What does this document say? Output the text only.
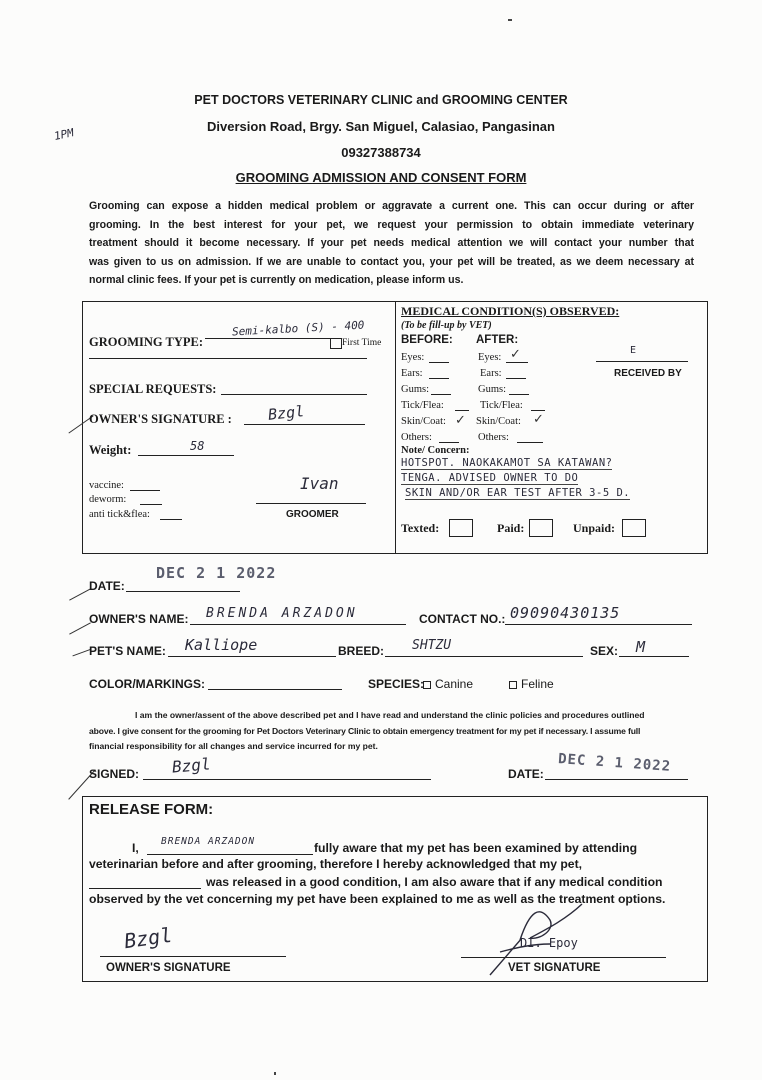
1PM
PET DOCTORS VETERINARY CLINIC and GROOMING CENTER
Diversion Road, Brgy. San Miguel, Calasiao, Pangasinan
09327388734
GROOMING ADMISSION AND CONSENT FORM
Grooming can expose a hidden medical problem or aggravate a current one. This can occur during or after
grooming. In the best interest for your pet, we request your permission to obtain immediate veterinary
treatment should it become necessary. If your pet needs medical attention we will contact your number that
was given to us on admission. If we are unable to contact you, your pet will be treated, as we deem necessary at
normal clinic fees. If your pet is currently on medication, please inform us.
GROOMING TYPE:
Semi-kalbo (S) - 400
First Time
SPECIAL REQUESTS:
OWNER'S SIGNATURE : Bzgl
Weight:	58
vaccine:
deworm:
anti tick&flea:
Ivan
GROOMER
MEDICAL CONDITION(S) OBSERVED:
(To be fill-up by VET)
BEFORE: AFTER:
Eyes:	Eyes: ✓
Ears:	Ears:
Gums:	Gums:
Tick/Flea:	Tick/Flea:
Skin/Coat: ✓ Skin/Coat: ✓
Others:	Others:
E
RECEIVED BY
Note/ Concern:
HOTSPOT. NAOKAKAMOT SA KATAWAN?
TENGA. ADVISED OWNER TO DO
SKIN AND/OR EAR TEST AFTER 3-5 D.
Texted:	Paid:	Unpaid:
DATE:
DEC 2 1 2022
OWNER'S NAME: BRENDA ARZADON	CONTACT NO.: 09090430135
PET'S NAME: Kalliope	BREED: SHTZU	SEX: M
COLOR/MARKINGS:	SPECIES: Canine	Feline
I am the owner/assent of the above described pet and I have read and understand the clinic policies and procedures outlined
above. I give consent for the grooming for Pet Doctors Veterinary Clinic to obtain emergency treatment for my pet if necessary. I assume full
financial responsibility for all changes and service incurred for my pet.
SIGNED: Bzgl	DATE: DEC 2 1 2022
RELEASE FORM:
I, BRENDA ARZADON	fully aware that my pet has been examined by attending
veterinarian before and after grooming, therefore I hereby acknowledged that my pet,
was released in a good condition, I am also aware that if any medical condition
observed by the vet concerning my pet have been explained to me as well as the treatment options.
Bzgl
OWNER'S SIGNATURE
DI. Epoy
VET SIGNATURE
